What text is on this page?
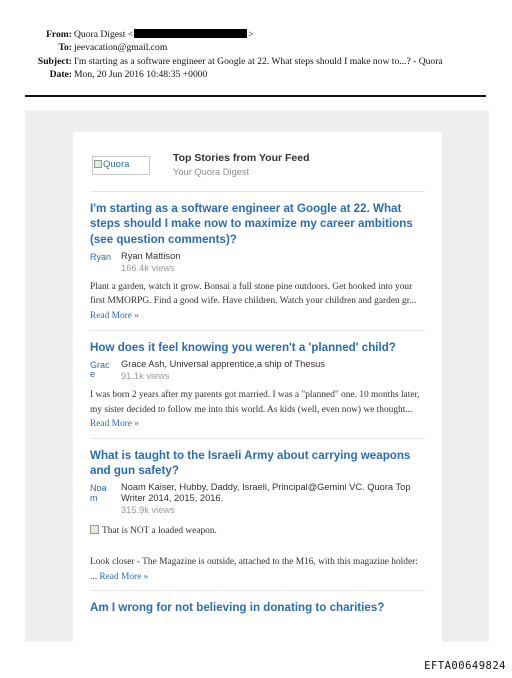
From: Quora Digest <	>
To: jeevacation@gmail.com
Subject: I'm starting as a software engineer at Google at 22. What steps should I make now to...? - Quora
Date: Mon, 20 Jun 2016 10:48:35 +0000
Quora
Top Stories from Your Feed
Your Quora Digest
I'm starting as a software engineer at Google at 22. What steps should I make now to maximize my career ambitions (see question comments)?
Ryan Ryan Mattison
166.4k views
Plant a garden, watch it grow. Bonsai a full stone pine outdoors. Get hooked into your first MMORPG. Find a good wife. Have children. Watch your children and garden gr... Read More »
How does it feel knowing you weren't a 'planned' child?
Grace
Grace Ash, Universal apprentice,a ship of Thesus
91.1k views
I was born 2 years after my parents got married. I was a "planned" one. 10 months later, my sister decided to follow me into this world. As kids (well, even now) we thought... Read More »
What is taught to the Israeli Army about carrying weapons and gun safety?
Noam
Noam Kaiser, Hubby, Daddy, Israeli, Principal@Gemini VC. Quora Top Writer 2014, 2015, 2016.
315.9k views
That is NOT a loaded weapon.
Look closer - The Magazine is outside, attached to the M16, with this magazine holder:
... Read More »
Am I wrong for not believing in donating to charities?
EFTA00649824
